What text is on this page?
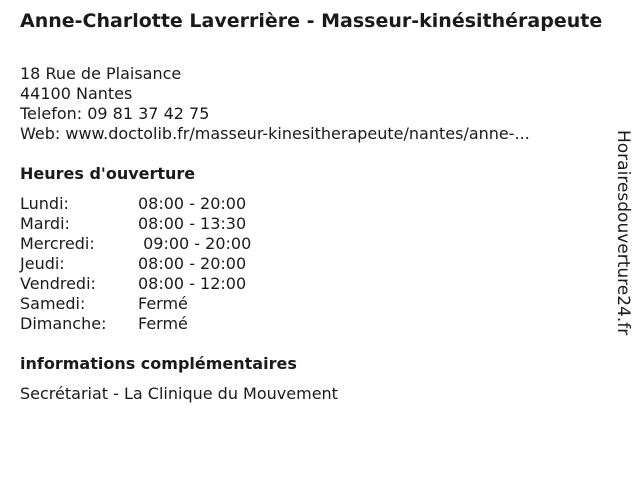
Anne-Charlotte Laverrière - Masseur-kinésithérapeute
18 Rue de Plaisance
44100 Nantes
Telefon: 09 81 37 42 75
Web: www.doctolib.fr/masseur-kinesitherapeute/nantes/anne-...
Heures d'ouverture
Lundi:	08:00 - 20:00
Mardi:	08:00 - 13:30
Mercredi:	09:00 - 20:00
Jeudi:	08:00 - 20:00
Vendredi:	08:00 - 12:00
Samedi:	Fermé
Dimanche:	Fermé
informations complémentaires
Secrétariat - La Clinique du Mouvement
Horairesdouverture24.fr
